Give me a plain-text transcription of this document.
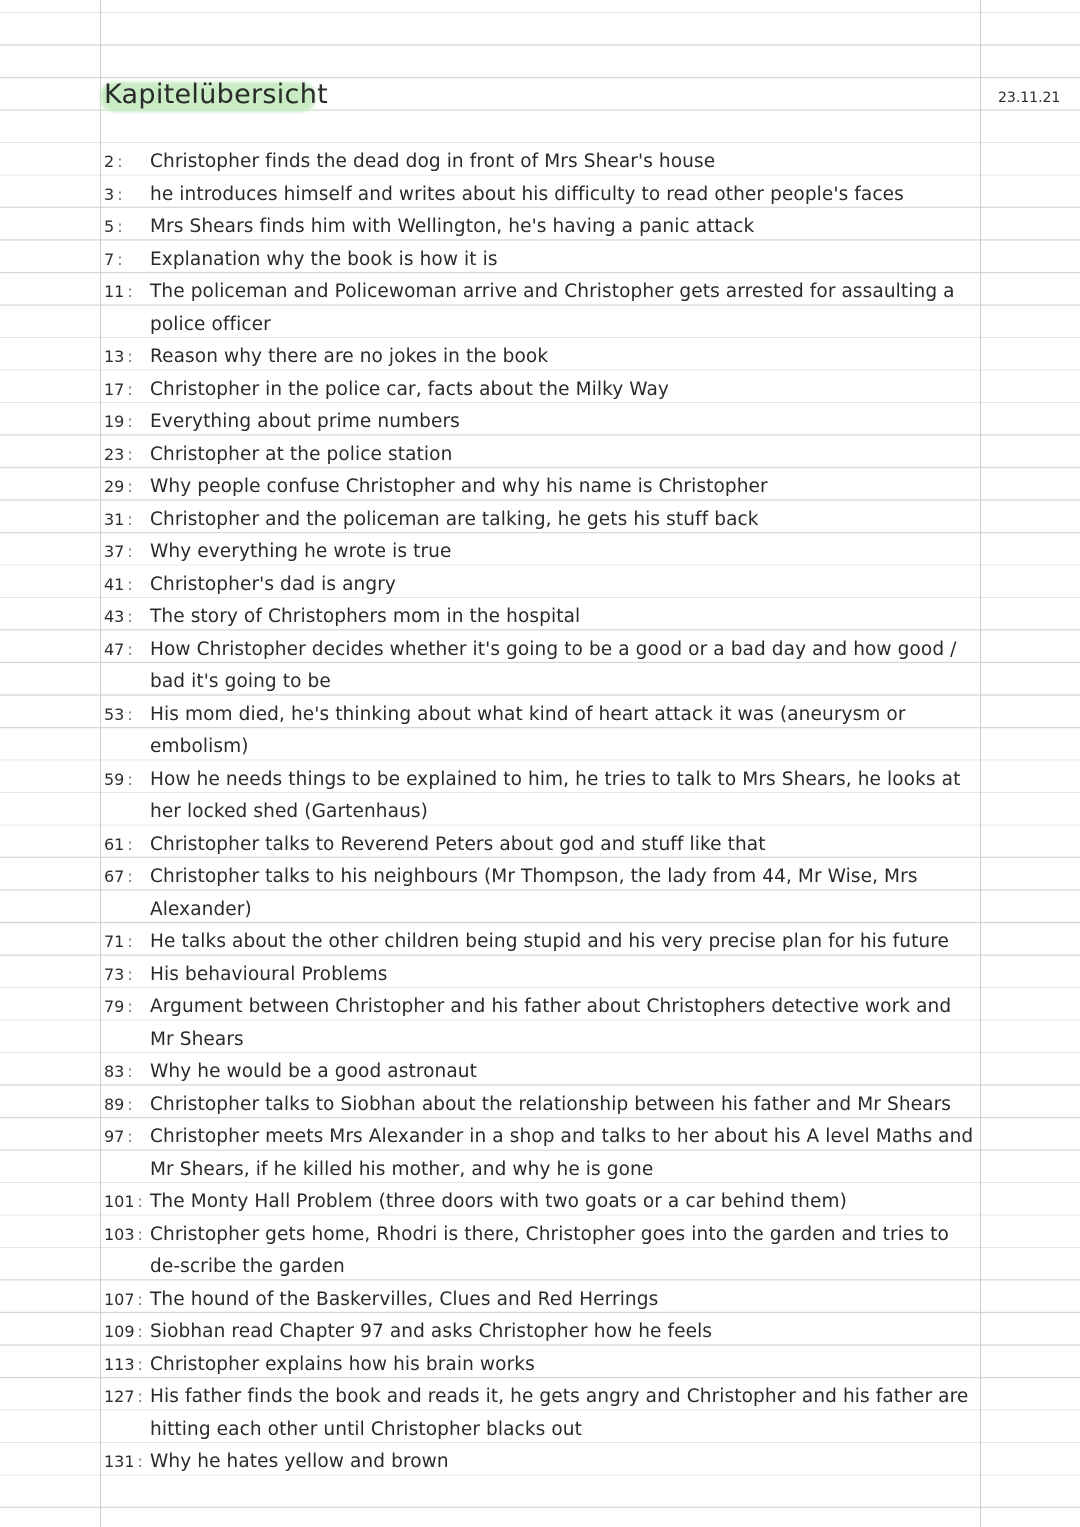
Kapitelübersicht	23.11.21
2 :	Christopher finds the dead dog in front of Mrs Shear's house
3 :	he introduces himself and writes about his difficulty to read other people's faces
5 :	Mrs Shears finds him with Wellington, he's having a panic attack
7 :	Explanation why the book is how it is
11 : The policeman and Policewoman arrive and Christopher gets arrested for assaulting a police officer
13 : Reason why there are no jokes in the book
17 : Christopher in the police car, facts about the Milky Way
19 : Everything about prime numbers
23 : Christopher at the police station
29 : Why people confuse Christopher and why his name is Christopher
31 : Christopher and the policeman are talking, he gets his stuff back
37 : Why everything he wrote is true
41 : Christopher's dad is angry
43 : The story of Christophers mom in the hospital
47 : How Christopher decides whether it's going to be a good or a bad day and how good / bad it's going to be
53 : His mom died, he's thinking about what kind of heart attack it was (aneurysm or embolism)
59 : How he needs things to be explained to him, he tries to talk to Mrs Shears, he looks at her locked shed (Gartenhaus)
61 : Christopher talks to Reverend Peters about god and stuff like that
67 : Christopher talks to his neighbours (Mr Thompson, the lady from 44, Mr Wise, Mrs Alexander)
71 : He talks about the other children being stupid and his very precise plan for his future
73 : His behavioural Problems
79 : Argument between Christopher and his father about Christophers detective work and Mr Shears
83 : Why he would be a good astronaut
89 : Christopher talks to Siobhan about the relationship between his father and Mr Shears
97 : Christopher meets Mrs Alexander in a shop and talks to her about his A level Maths and Mr Shears, if he killed his mother, and why he is gone
101 : The Monty Hall Problem (three doors with two goats or a car behind them)
103 : Christopher gets home, Rhodri is there, Christopher goes into the garden and tries to de-scribe the garden
107 : The hound of the Baskervilles, Clues and Red Herrings
109 : Siobhan read Chapter 97 and asks Christopher how he feels
113 : Christopher explains how his brain works
127 : His father finds the book and reads it, he gets angry and Christopher and his father are hitting each other until Christopher blacks out
131 : Why he hates yellow and brown
